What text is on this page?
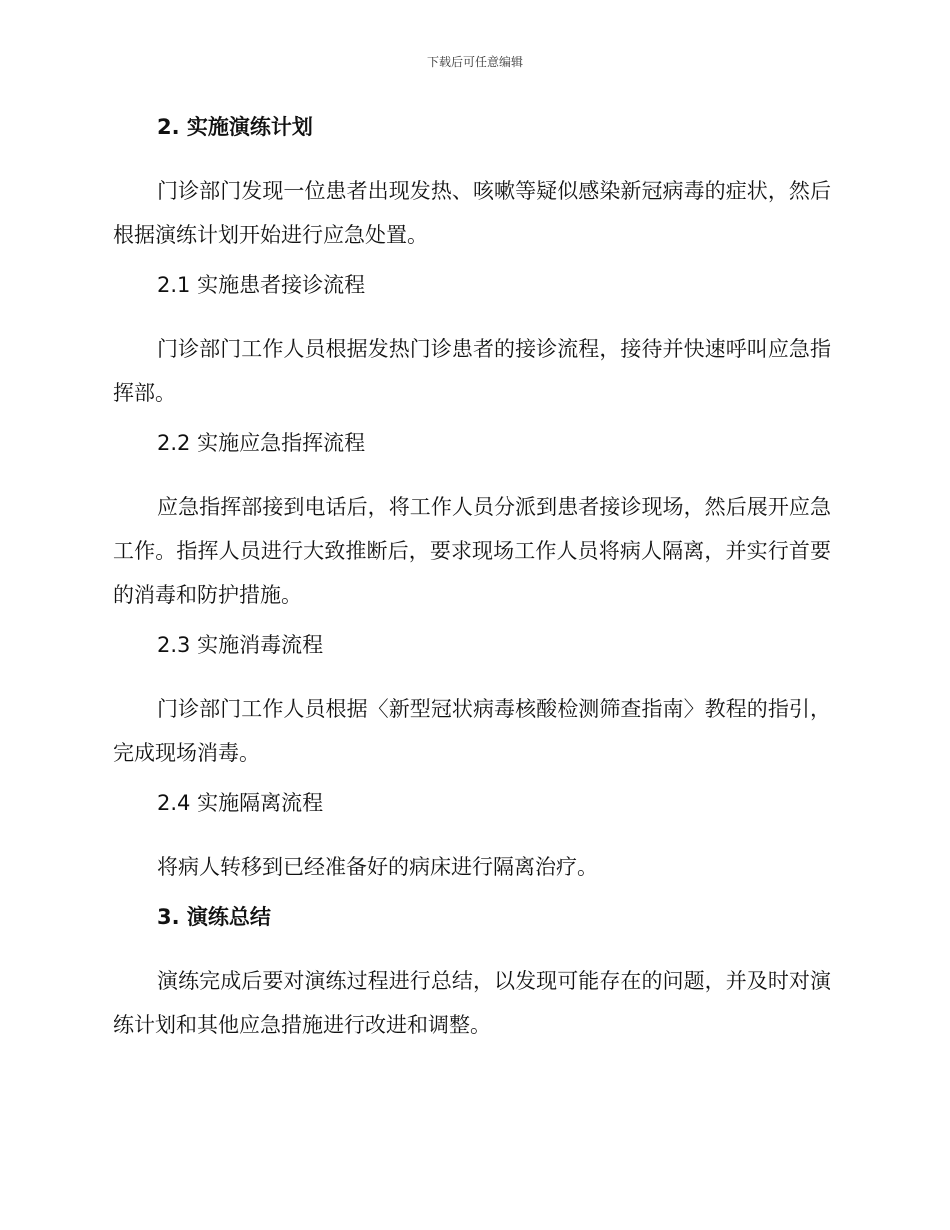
下载后可任意编辑
2. 实施演练计划
门诊部门发现一位患者出现发热、咳嗽等疑似感染新冠病毒的症状，然后根据演练计划开始进行应急处置。
2.1 实施患者接诊流程
门诊部门工作人员根据发热门诊患者的接诊流程，接待并快速呼叫应急指挥部。
2.2 实施应急指挥流程
应急指挥部接到电话后，将工作人员分派到患者接诊现场，然后展开应急工作。指挥人员进行大致推断后，要求现场工作人员将病人隔离，并实行首要的消毒和防护措施。
2.3 实施消毒流程
门诊部门工作人员根据〈新型冠状病毒核酸检测筛查指南〉教程的指引，完成现场消毒。
2.4 实施隔离流程
将病人转移到已经准备好的病床进行隔离治疗。
3. 演练总结
演练完成后要对演练过程进行总结，以发现可能存在的问题，并及时对演练计划和其他应急措施进行改进和调整。
